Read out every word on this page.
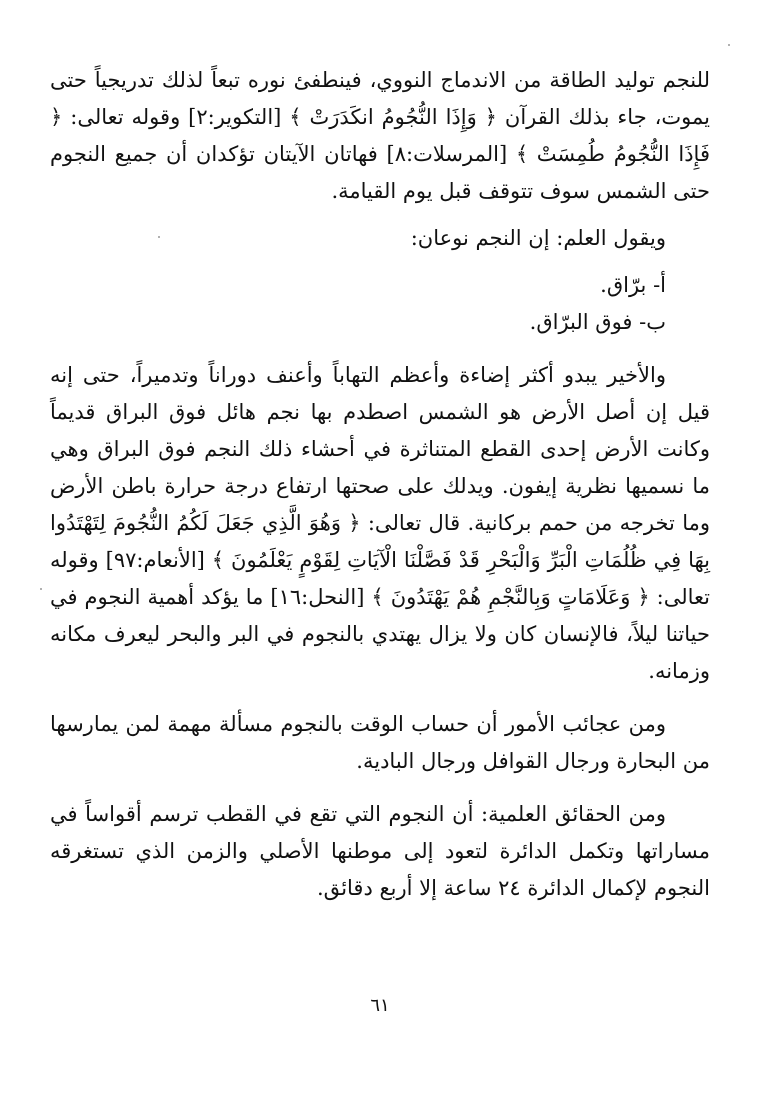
للنجم توليد الطاقة من الاندماج النووي، فينطفئ نوره تبعاً لذلك تدريجياً حتى يموت، جاء بذلك القرآن ﴿ وَإِذَا النُّجُومُ انكَدَرَتْ ﴾ [التكوير:٢] وقوله تعالى: ﴿ فَإِذَا النُّجُومُ طُمِسَتْ ﴾ [المرسلات:٨] فهاتان الآيتان تؤكدان أن جميع النجوم حتى الشمس سوف تتوقف قبل يوم القيامة.

ويقول العلم: إن النجم نوعان:

أ- برّاق.

ب- فوق البرّاق.

والأخير يبدو أكثر إضاءة وأعظم التهاباً وأعنف دوراناً وتدميراً، حتى إنه قيل إن أصل الأرض هو الشمس اصطدم بها نجم هائل فوق البراق قديماً وكانت الأرض إحدى القطع المتناثرة في أحشاء ذلك النجم فوق البراق وهي ما نسميها نظرية إيفون. ويدلك على صحتها ارتفاع درجة حرارة باطن الأرض وما تخرجه من حمم بركانية. قال تعالى: ﴿ وَهُوَ الَّذِي جَعَلَ لَكُمُ النُّجُومَ لِتَهْتَدُوا بِهَا فِي ظُلُمَاتِ الْبَرِّ وَالْبَحْرِ قَدْ فَصَّلْنَا الْآيَاتِ لِقَوْمٍ يَعْلَمُونَ ﴾ [الأنعام:٩٧] وقوله تعالى: ﴿ وَعَلَامَاتٍ وَبِالنَّجْمِ هُمْ يَهْتَدُونَ ﴾ [النحل:١٦] ما يؤكد أهمية النجوم في حياتنا ليلاً، فالإنسان كان ولا يزال يهتدي بالنجوم في البر والبحر ليعرف مكانه وزمانه.

ومن عجائب الأمور أن حساب الوقت بالنجوم مسألة مهمة لمن يمارسها من البحارة ورجال القوافل ورجال البادية.

ومن الحقائق العلمية: أن النجوم التي تقع في القطب ترسم أقواساً في مساراتها وتكمل الدائرة لتعود إلى موطنها الأصلي والزمن الذي تستغرقه النجوم لإكمال الدائرة ٢٤ ساعة إلا أربع دقائق.

٦١
